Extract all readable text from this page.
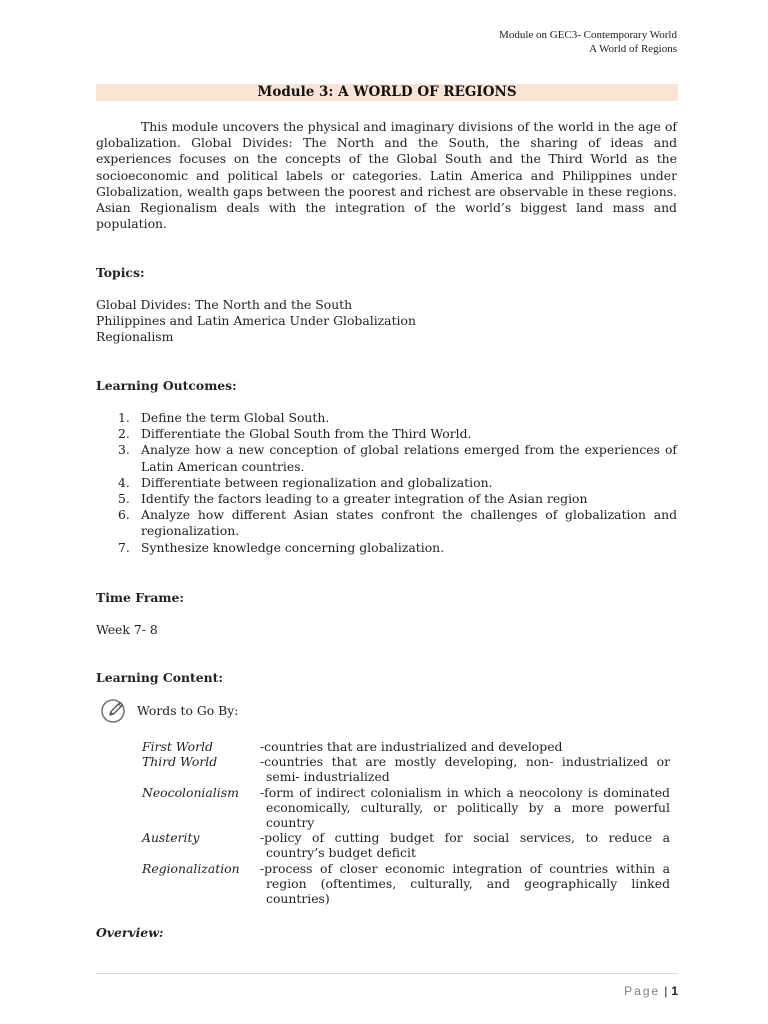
Module on GEC3- Contemporary World
A World of Regions
Module 3: A WORLD OF REGIONS

This module uncovers the physical and imaginary divisions of the world in the age of globalization. Global Divides: The North and the South, the sharing of ideas and experiences focuses on the concepts of the Global South and the Third World as the socioeconomic and political labels or categories. Latin America and Philippines under Globalization, wealth gaps between the poorest and richest are observable in these regions. Asian Regionalism deals with the integration of the world’s biggest land mass and population.

Topics:

Global Divides: The North and the South
Philippines and Latin America Under Globalization
Regionalism

Learning Outcomes:

1. Define the term Global South.
2. Differentiate the Global South from the Third World.
3. Analyze how a new conception of global relations emerged from the experiences of Latin American countries.
4. Differentiate between regionalization and globalization.
5. Identify the factors leading to a greater integration of the Asian region
6. Analyze how different Asian states confront the challenges of globalization and regionalization.
7. Synthesize knowledge concerning globalization.

Time Frame:

Week 7- 8

Learning Content:

Words to Go By:
First World	-countries that are industrialized and developed
Third World	-countries that are mostly developing, non- industrialized or semi- industrialized
Neocolonialism	-form of indirect colonialism in which a neocolony is dominated economically, culturally, or politically by a more powerful country
Austerity	-policy of cutting budget for social services, to reduce a country’s budget deficit
Regionalization	-process of closer economic integration of countries within a region (oftentimes, culturally, and geographically linked countries)

Overview:

Page | 1
